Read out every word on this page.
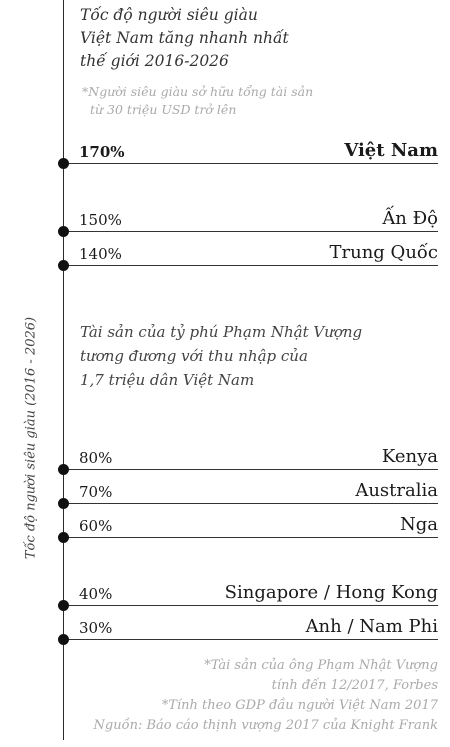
Tốc độ người siêu giàu (2016 - 2026)
Tốc độ người siêu giàu
Việt Nam tăng nhanh nhất
thế giới 2016-2026
*Người siêu giàu sở hữu tổng tài sản
từ 30 triệu USD trở lên
Tài sản của tỷ phú Phạm Nhật Vượng
tương đương với thu nhập của
1,7 triệu dân Việt Nam
170%	Việt Nam
150%	Ấn Độ
140%	Trung Quốc
80%	Kenya
70%	Australia
60%	Nga
40%	Singapore / Hong Kong
30%	Anh / Nam Phi
*Tài sản của ông Phạm Nhật Vượng
tính đến 12/2017, Forbes
*Tính theo GDP đầu người Việt Nam 2017
Nguồn: Báo cáo thịnh vượng 2017 của Knight Frank
